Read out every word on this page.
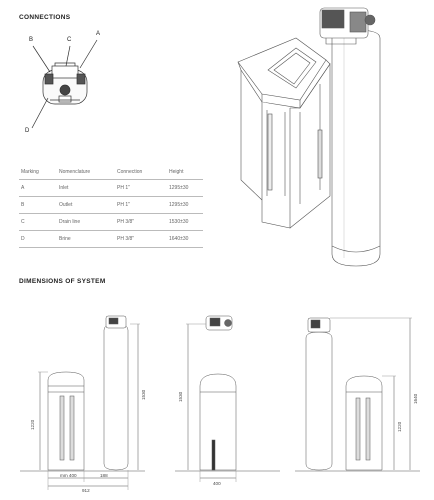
CONNECTIONS
DIMENSIONS OF SYSTEM
B	C
A
D
Marking	Nomenclature	Connection	Height
A	Inlet	PH 1"	1295±30
B	Outlet	PH 1"	1295±30
C	Drain line	PH 3/8"	1530±30
D	Brine	PH 3/8"	1640±30
mm 400	188
912
1220
1530	1530
400
1220
1640
